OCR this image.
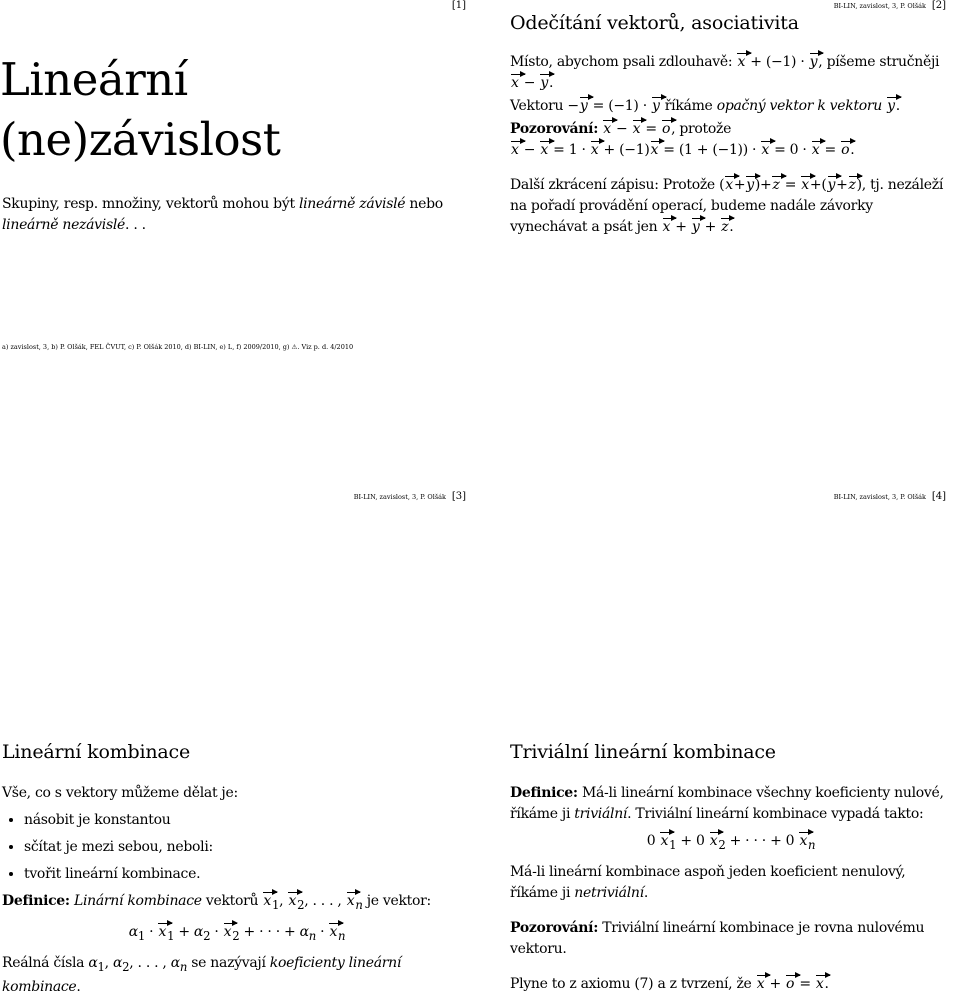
[1]
Lineární
(ne)závislost
Skupiny, resp. množiny, vektorů mohou být lineárně závislé nebo lineárně nezávislé. . .
a) zavislost, 3, b) P. Olšák, FEL ČVUT, c) P. Olšák 2010, d) BI-LIN, e) L, f) 2009/2010, g) ⚠. Viz p. d. 4/2010
BI-LIN, zavislost, 3, P. Olšák [2]
Odečítání vektorů, asociativita
Místo, abychom psali zdlouhavě: x + (−1) · y, píšeme stručněji x − y.
Vektoru −y = (−1) · y říkáme opačný vektor k vektoru y.
Pozorování: x − x = o, protože
x − x = 1 · x + (−1)x = (1 + (−1)) · x = 0 · x = o.
Další zkrácení zápisu: Protože (x+y)+z = x+(y+z), tj. nezáleží na pořadí provádění operací, budeme nadále závorky vynechávat a psát jen x + y + z.
BI-LIN, zavislost, 3, P. Olšák [3]
Lineární kombinace
Vše, co s vektory můžeme dělat je:
• násobit je konstantou
• sčítat je mezi sebou, neboli:
• tvořit lineární kombinace.
Definice: Linární kombinace vektorů $x_1$, $x_2$, . . . , $x_n$ je vektor:
$\alpha_1 \cdot x_1 + \alpha_2 \cdot x_2$ + · · · + $\alpha_n \cdot x_n$
Reálná čísla $\alpha_1$, $\alpha_2$, . . . , $\alpha_n$ se nazývají koeficienty lineární kombinace.
BI-LIN, zavislost, 3, P. Olšák [4]
Triviální lineární kombinace
Definice: Má-li lineární kombinace všechny koeficienty nulové, říkáme ji triviální. Triviální lineární kombinace vypadá takto:
0 $x_1 + 0$ $x_2$ + · · · + 0 $x_n$
Má-li lineární kombinace aspoň jeden koeficient nenulový, říkáme ji netriviální.
Pozorování: Triviální lineární kombinace je rovna nulovému vektoru.
Plyne to z axiomu (7) a z tvrzení, že x + o = x.
